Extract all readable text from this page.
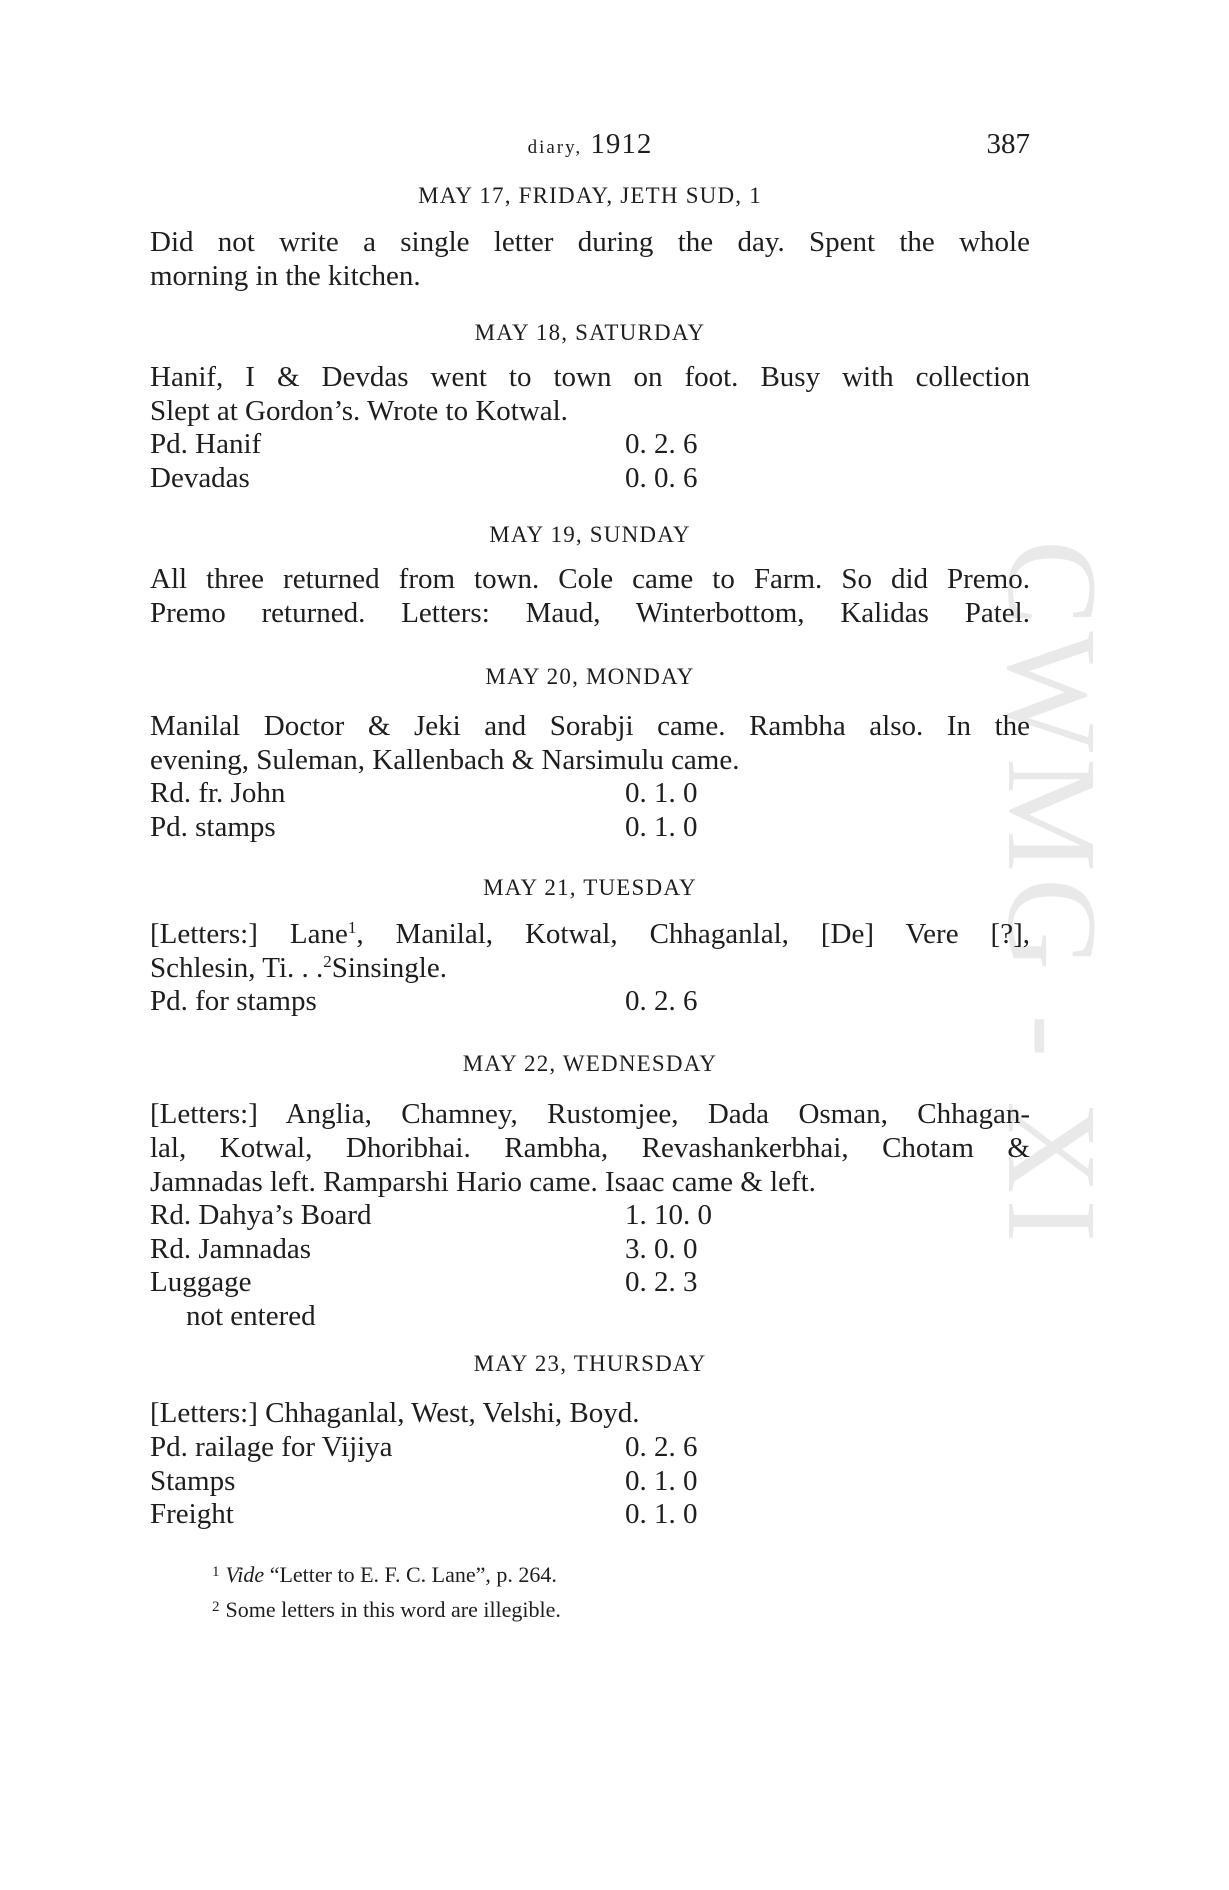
CWMG - XI
diary, 1912	387
MAY 17, FRIDAY, JETH SUD, 1
Did not write a single letter during the day. Spent the whole
morning in the kitchen.
MAY 18, SATURDAY
Hanif, I & Devdas went to town on foot. Busy with collection
Slept at Gordon’s. Wrote to Kotwal.
Pd. Hanif	0. 2. 6
Devadas	0. 0. 6
MAY 19, SUNDAY
All three returned from town. Cole came to Farm. So did Premo.
Premo returned. Letters: Maud, Winterbottom, Kalidas Patel.
MAY 20, MONDAY
Manilal Doctor & Jeki and Sorabji came. Rambha also. In the
evening, Suleman, Kallenbach & Narsimulu came.
Rd. fr. John	0. 1. 0
Pd. stamps	0. 1. 0
MAY 21, TUESDAY
[Letters:] Lane$^1$, Manilal, Kotwal, Chhaganlal, [De] Vere [?],
Schlesin, Ti. . .$^2$Sinsingle.
Pd. for stamps	0. 2. 6
MAY 22, WEDNESDAY
[Letters:] Anglia, Chamney, Rustomjee, Dada Osman, Chhagan-
lal, Kotwal, Dhoribhai. Rambha, Revashankerbhai, Chotam &
Jamnadas left. Ramparshi Hario came. Isaac came & left.
Rd. Dahya’s Board	1. 10. 0
Rd. Jamnadas	3. 0. 0
Luggage	0. 2. 3
not entered
MAY 23, THURSDAY
[Letters:] Chhaganlal, West, Velshi, Boyd.
Pd. railage for Vijiya	0. 2. 6
Stamps	0. 1. 0
Freight	0. 1. 0
$^1$ Vide “Letter to E. F. C. Lane”, p. 264.
$^2$ Some letters in this word are illegible.
